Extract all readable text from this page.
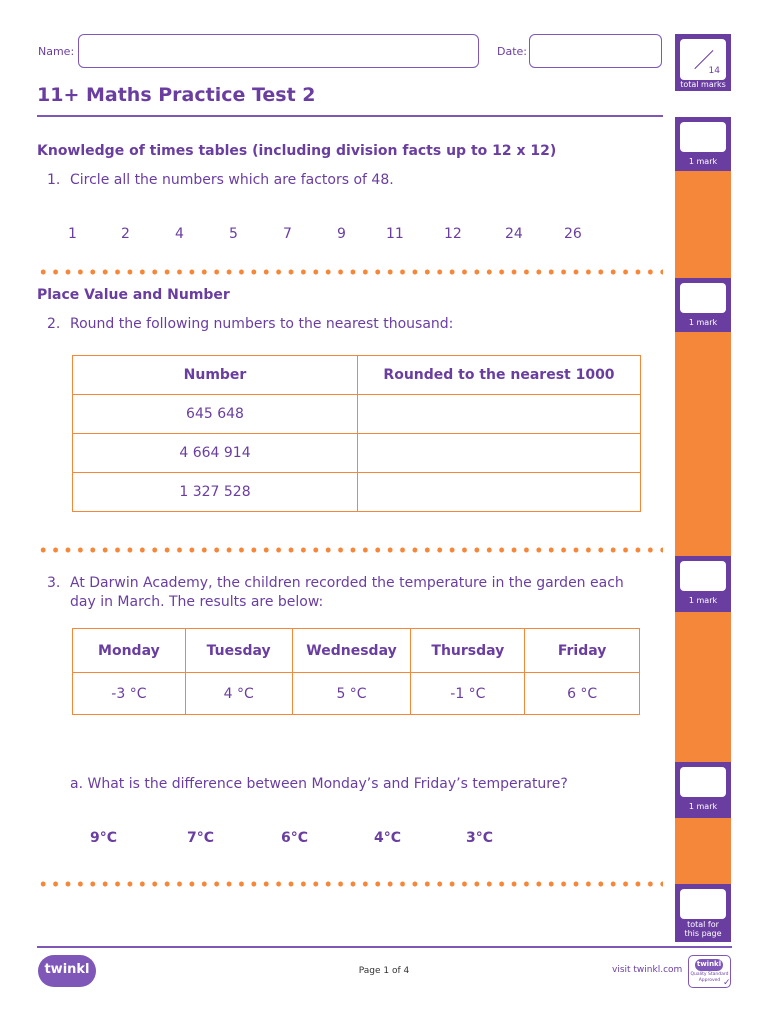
Name:	Date:
11+ Maths Practice Test 2
14
total marks
1 mark
1 mark
1 mark
1 mark
total for
this page
Knowledge of times tables (including division facts up to 12 x 12)
1. Circle all the numbers which are factors of 48.
1	2	4	5	7	9	11	12	24	26
Place Value and Number
2. Round the following numbers to the nearest thousand:
Number	Rounded to the nearest 1000
645 648	
4 664 914	
1 327 528	
3. At Darwin Academy, the children recorded the temperature in the garden each
day in March. The results are below:
Monday	Tuesday	Wednesday	Thursday	Friday
-3 °C	4 °C	5 °C	-1 °C	6 °C
a. What is the difference between Monday’s and Friday’s temperature?
9°C	7°C	6°C	4°C	3°C
twinkl	Page 1 of 4	visit twinkl.com
twinkl
Quality Standard Approved ✓
